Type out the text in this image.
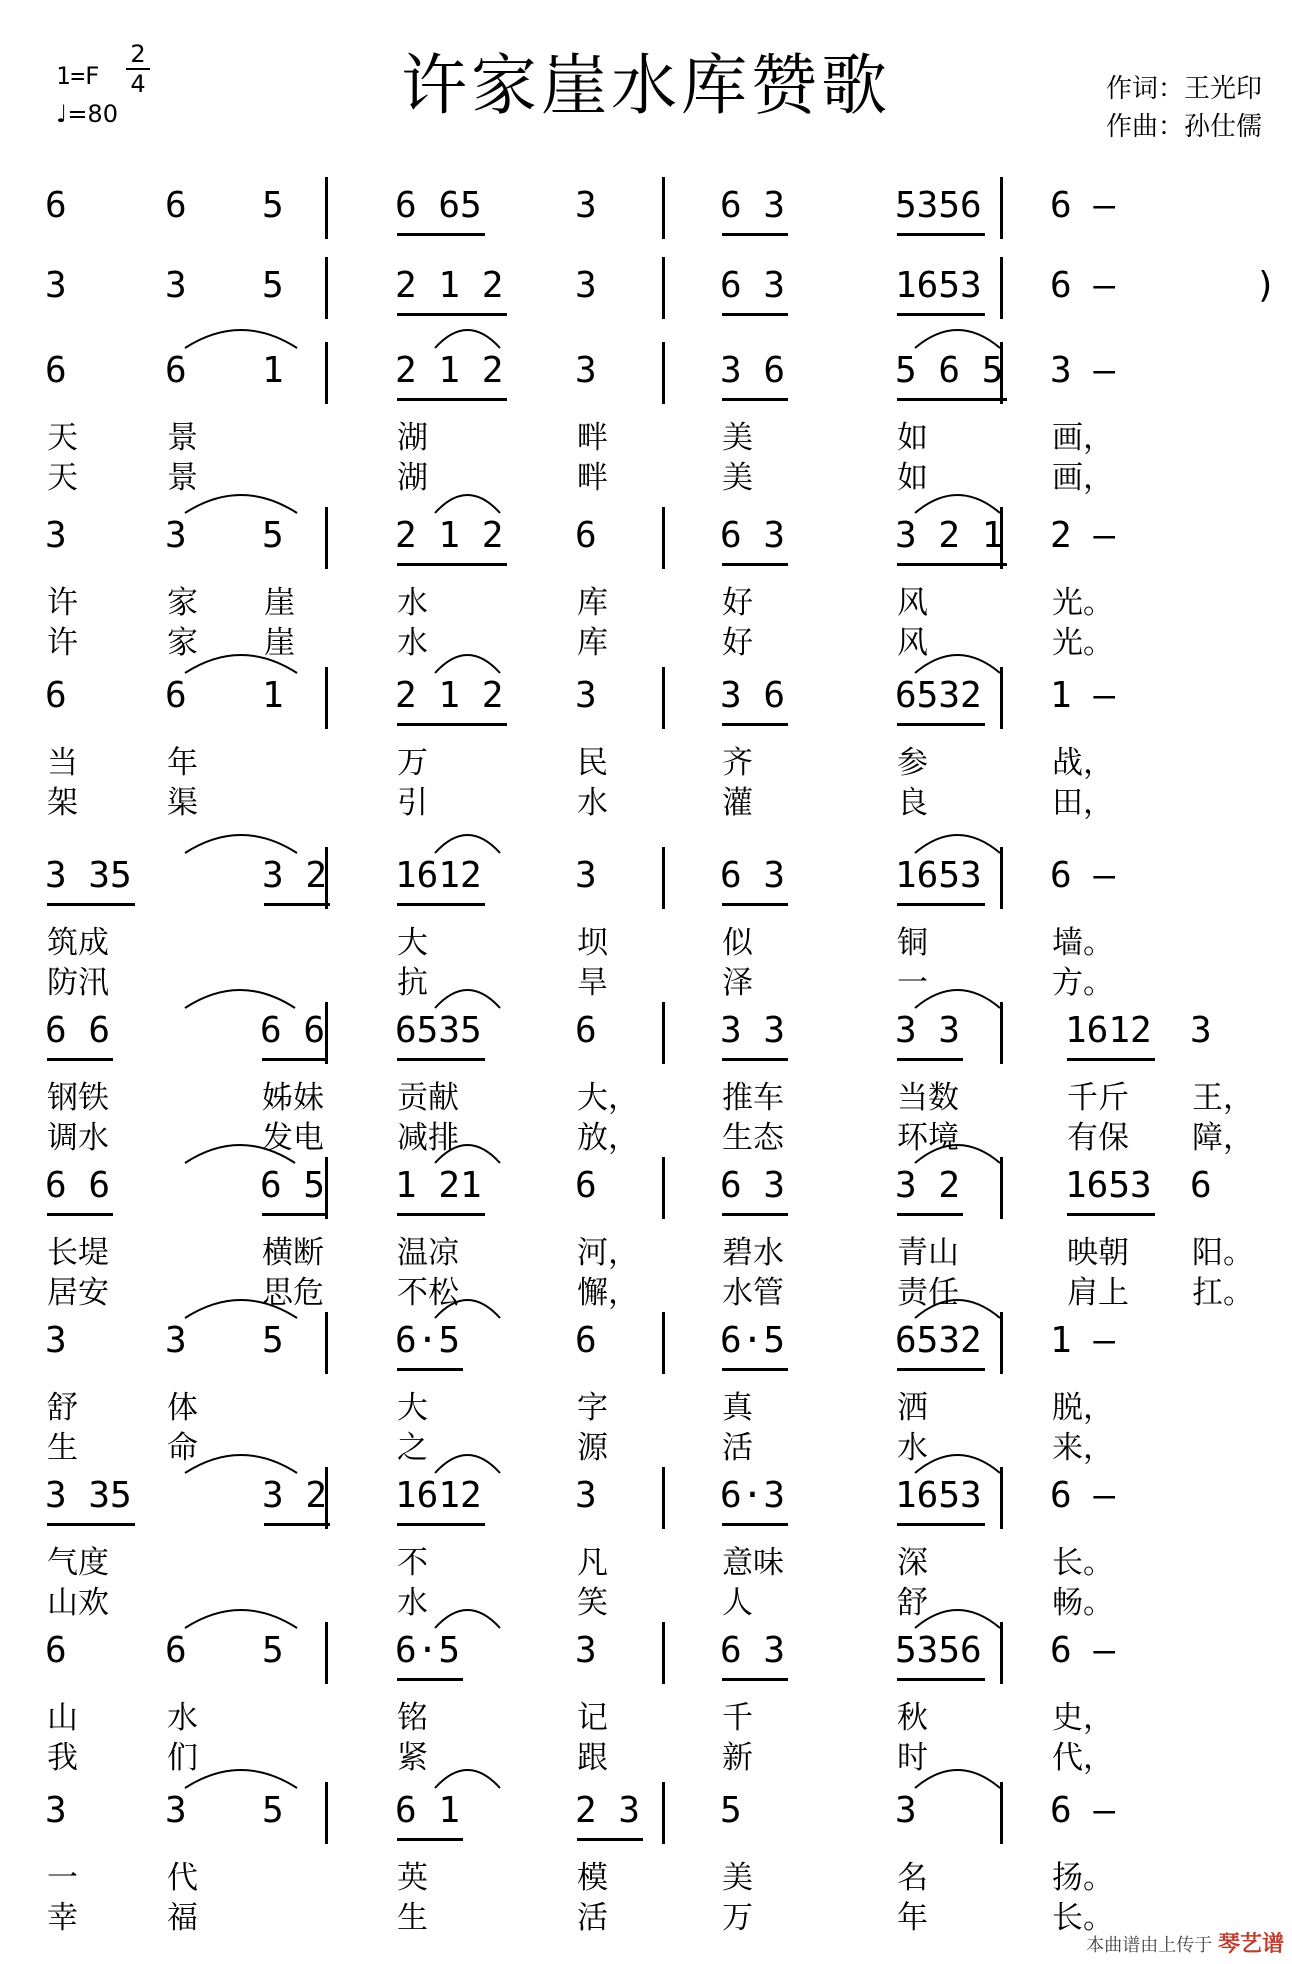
许家崖水库赞歌
1=F
2
4
♩=80
作词：王光印
作曲：孙仕儒
6	6 5	6 65	3	6 3	5356 6 –
3	3 5	2 1 2 3	6 3	1653 6 –	)
6	6 1	2 1 2 3	3 6	5 6 5 3 –
天	景	湖	畔	美	如	画，
天	景	湖	畔	美	如	画，
3	3 5	2 1 2 6	6 3	3 2 1 2 –
许	家	崖	水	库	好	风	光。
许	家	崖	水	库	好	风	光。
6	6 1	2 1 2 3	3 6	6532 1 –
当	年	万	民	齐	参	战，
架	渠	引	水	灌	良	田，
3 35	3 2 1612	3	6 3	1653 6 –
筑成	大	坝	似	铜	墙。
防汛	抗	旱	泽	一	方。
6 6	6 6 6535	6	3 3	3 3	1612 3
钢铁	姊妹	贡献	大，	推车	当数	千斤	王，
调水	发电	减排	放，	生态	环境	有保	障，
6 6	6 5 1 21	6	6 3	3 2	1653 6
长堤	横断	温凉	河，	碧水	青山	映朝	阳。
居安	思危	不松	懈，	水管	责任	肩上	扛。
3	3 5	6·5	6	6·5	6532 1 –
舒	体	大	字	真	洒	脱，
生	命	之	源	活	水	来，
3 35	3 2 1612	3	6·3	1653 6 –
气度	不	凡	意味	深	长。
山欢	水	笑	人	舒	畅。
6	6 5	6·5	3	6 3	5356 6 –
山	水	铭	记	千	秋	史，
我	们	紧	跟	新	时	代，
3	3 5	6 1	2 3 5	3	6 –
一	代	英	模	美	名	扬。
幸	福	生	活	万	年	长。
本曲谱由上传于 琴艺谱
